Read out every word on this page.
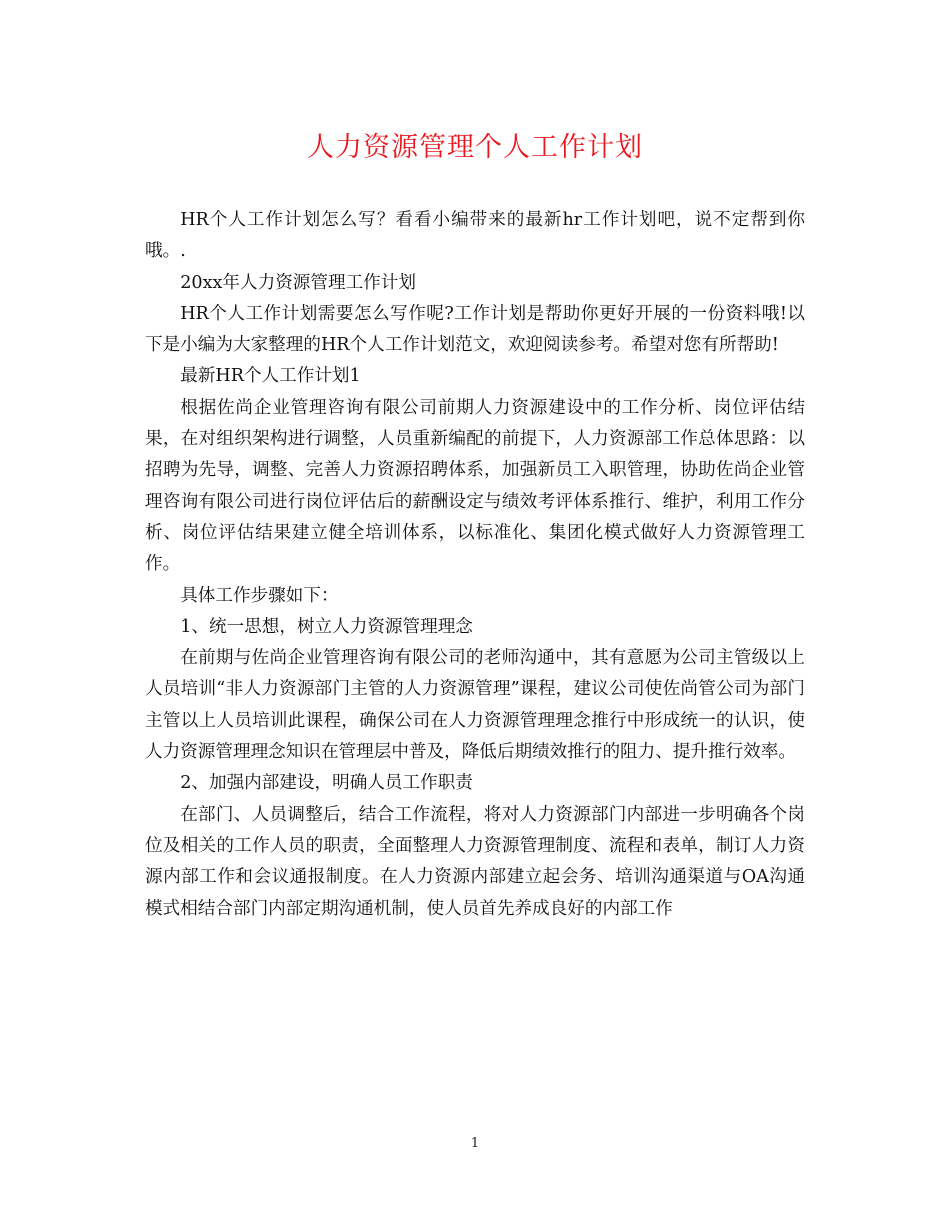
人力资源管理个人工作计划

HR个人工作计划怎么写？看看小编带来的最新hr工作计划吧，说不定帮到你哦。.

20xx年人力资源管理工作计划

HR个人工作计划需要怎么写作呢?工作计划是帮助你更好开展的一份资料哦!以下是小编为大家整理的HR个人工作计划范文，欢迎阅读参考。希望对您有所帮助!

最新HR个人工作计划1

根据佐尚企业管理咨询有限公司前期人力资源建设中的工作分析、岗位评估结果，在对组织架构进行调整，人员重新编配的前提下，人力资源部工作总体思路：以招聘为先导，调整、完善人力资源招聘体系，加强新员工入职管理，协助佐尚企业管理咨询有限公司进行岗位评估后的薪酬设定与绩效考评体系推行、维护，利用工作分析、岗位评估结果建立健全培训体系，以标准化、集团化模式做好人力资源管理工作。

具体工作步骤如下：

1、统一思想，树立人力资源管理理念

在前期与佐尚企业管理咨询有限公司的老师沟通中，其有意愿为公司主管级以上人员培训“非人力资源部门主管的人力资源管理”课程，建议公司使佐尚管公司为部门主管以上人员培训此课程，确保公司在人力资源管理理念推行中形成统一的认识，使人力资源管理理念知识在管理层中普及，降低后期绩效推行的阻力、提升推行效率。

2、加强内部建设，明确人员工作职责

在部门、人员调整后，结合工作流程，将对人力资源部门内部进一步明确各个岗位及相关的工作人员的职责，全面整理人力资源管理制度、流程和表单，制订人力资源内部工作和会议通报制度。在人力资源内部建立起会务、培训沟通渠道与OA沟通模式相结合部门内部定期沟通机制，使人员首先养成良好的内部工作

1
